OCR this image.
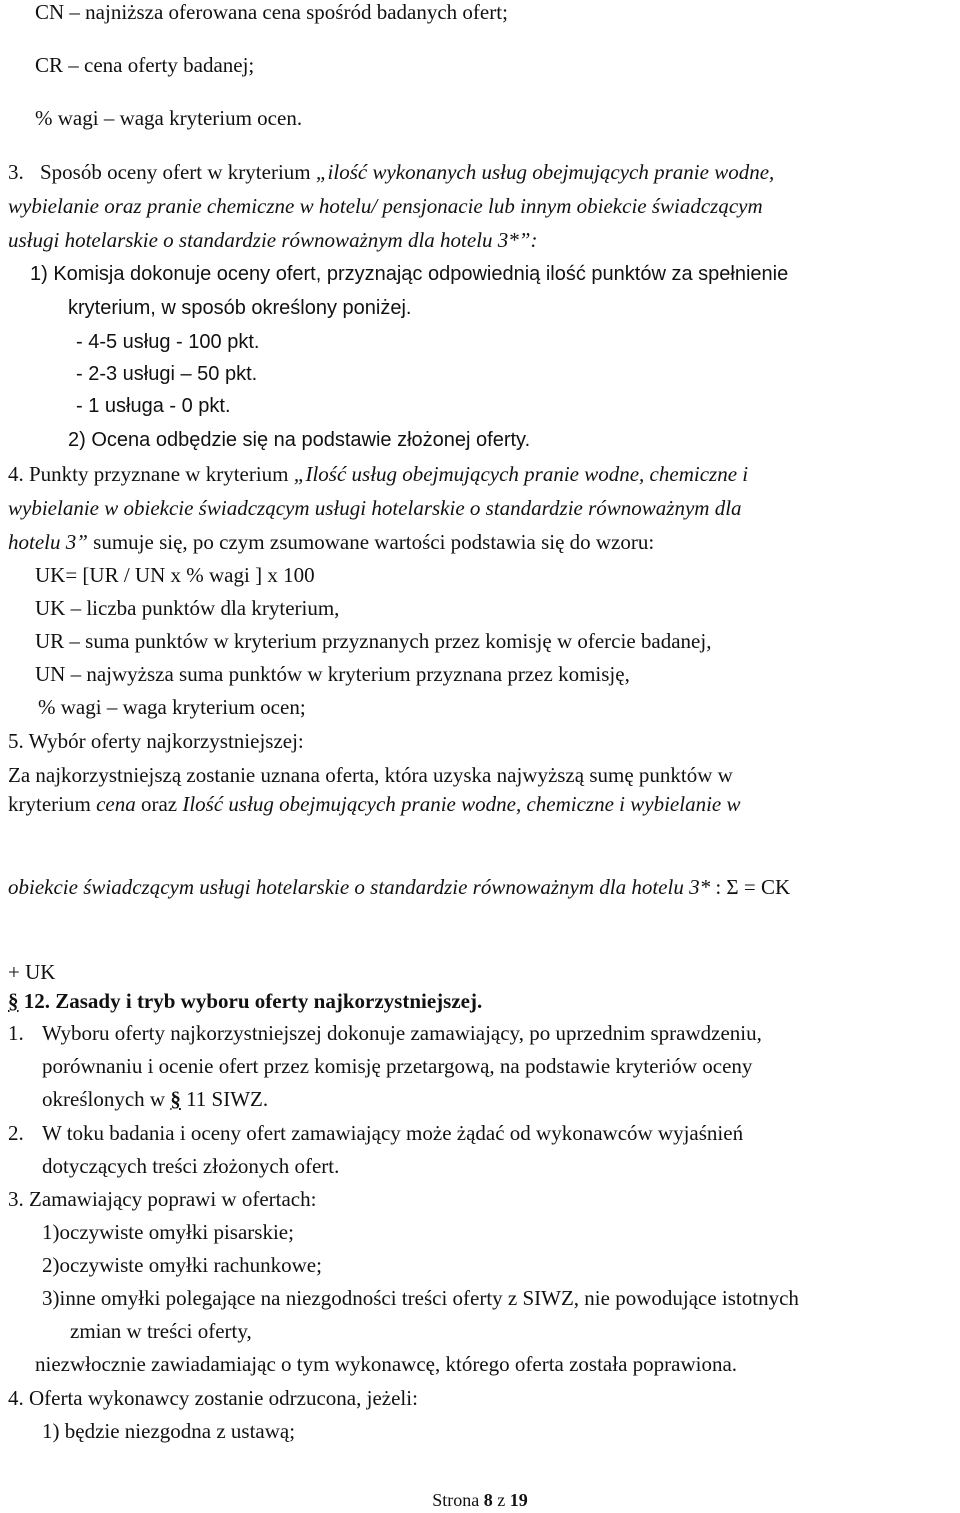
CN – najniższa oferowana cena spośród badanych ofert;
CR – cena oferty badanej;
% wagi – waga kryterium ocen.
3. Sposób oceny ofert w kryterium „ilość wykonanych usług obejmujących pranie wodne,
wybielanie oraz pranie chemiczne w hotelu/ pensjonacie lub innym obiekcie świadczącym
usługi hotelarskie o standardzie równoważnym dla hotelu 3*”:
1) Komisja dokonuje oceny ofert, przyznając odpowiednią ilość punktów za spełnienie
kryterium, w sposób określony poniżej.
- 4-5 usług - 100 pkt.
- 2-3 usługi – 50 pkt.
- 1 usługa - 0 pkt.
2) Ocena odbędzie się na podstawie złożonej oferty.
4. Punkty przyznane w kryterium „Ilość usług obejmujących pranie wodne, chemiczne i
wybielanie w obiekcie świadczącym usługi hotelarskie o standardzie równoważnym dla
hotelu 3” sumuje się, po czym zsumowane wartości podstawia się do wzoru:
UK= [UR / UN x % wagi ] x 100
UK – liczba punktów dla kryterium,
UR – suma punktów w kryterium przyznanych przez komisję w ofercie badanej,
UN – najwyższa suma punktów w kryterium przyznana przez komisję,
% wagi – waga kryterium ocen;
5. Wybór oferty najkorzystniejszej:
Za najkorzystniejszą zostanie uznana oferta, która uzyska najwyższą sumę punktów w
kryterium cena oraz Ilość usług obejmujących pranie wodne, chemiczne i wybielanie w
obiekcie świadczącym usługi hotelarskie o standardzie równoważnym dla hotelu 3* : Σ = CK
+ UK
§ 12. Zasady i tryb wyboru oferty najkorzystniejszej.
1. Wyboru oferty najkorzystniejszej dokonuje zamawiający, po uprzednim sprawdzeniu,
porównaniu i ocenie ofert przez komisję przetargową, na podstawie kryteriów oceny
określonych w § 11 SIWZ.
2. W toku badania i oceny ofert zamawiający może żądać od wykonawców wyjaśnień
dotyczących treści złożonych ofert.
3. Zamawiający poprawi w ofertach:
1)oczywiste omyłki pisarskie;
2)oczywiste omyłki rachunkowe;
3)inne omyłki polegające na niezgodności treści oferty z SIWZ, nie powodujące istotnych
zmian w treści oferty,
niezwłocznie zawiadamiając o tym wykonawcę, którego oferta została poprawiona.
4. Oferta wykonawcy zostanie odrzucona, jeżeli:
1) będzie niezgodna z ustawą;
Strona 8 z 19
